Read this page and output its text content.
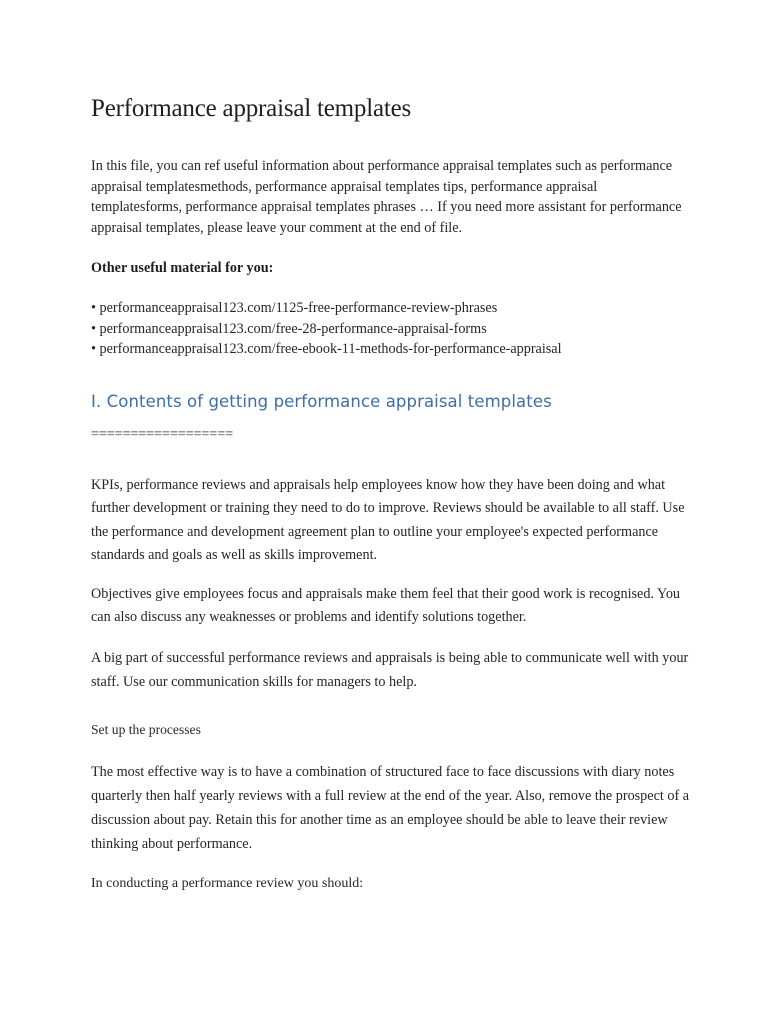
Performance appraisal templates

In this file, you can ref useful information about performance appraisal templates such as performance appraisal templatesmethods, performance appraisal templates tips, performance appraisal templatesforms, performance appraisal templates phrases … If you need more assistant for performance appraisal templates, please leave your comment at the end of file.

Other useful material for you:

• performanceappraisal123.com/1125-free-performance-review-phrases
• performanceappraisal123.com/free-28-performance-appraisal-forms
• performanceappraisal123.com/free-ebook-11-methods-for-performance-appraisal
I. Contents of getting performance appraisal templates

==================

KPIs, performance reviews and appraisals help employees know how they have been doing and what further development or training they need to do to improve. Reviews should be available to all staff. Use the performance and development agreement plan to outline your employee's expected performance standards and goals as well as skills improvement.

Objectives give employees focus and appraisals make them feel that their good work is recognised. You can also discuss any weaknesses or problems and identify solutions together.

A big part of successful performance reviews and appraisals is being able to communicate well with your staff. Use our communication skills for managers to help.

Set up the processes

The most effective way is to have a combination of structured face to face discussions with diary notes quarterly then half yearly reviews with a full review at the end of the year. Also, remove the prospect of a discussion about pay. Retain this for another time as an employee should be able to leave their review thinking about performance.

In conducting a performance review you should:
